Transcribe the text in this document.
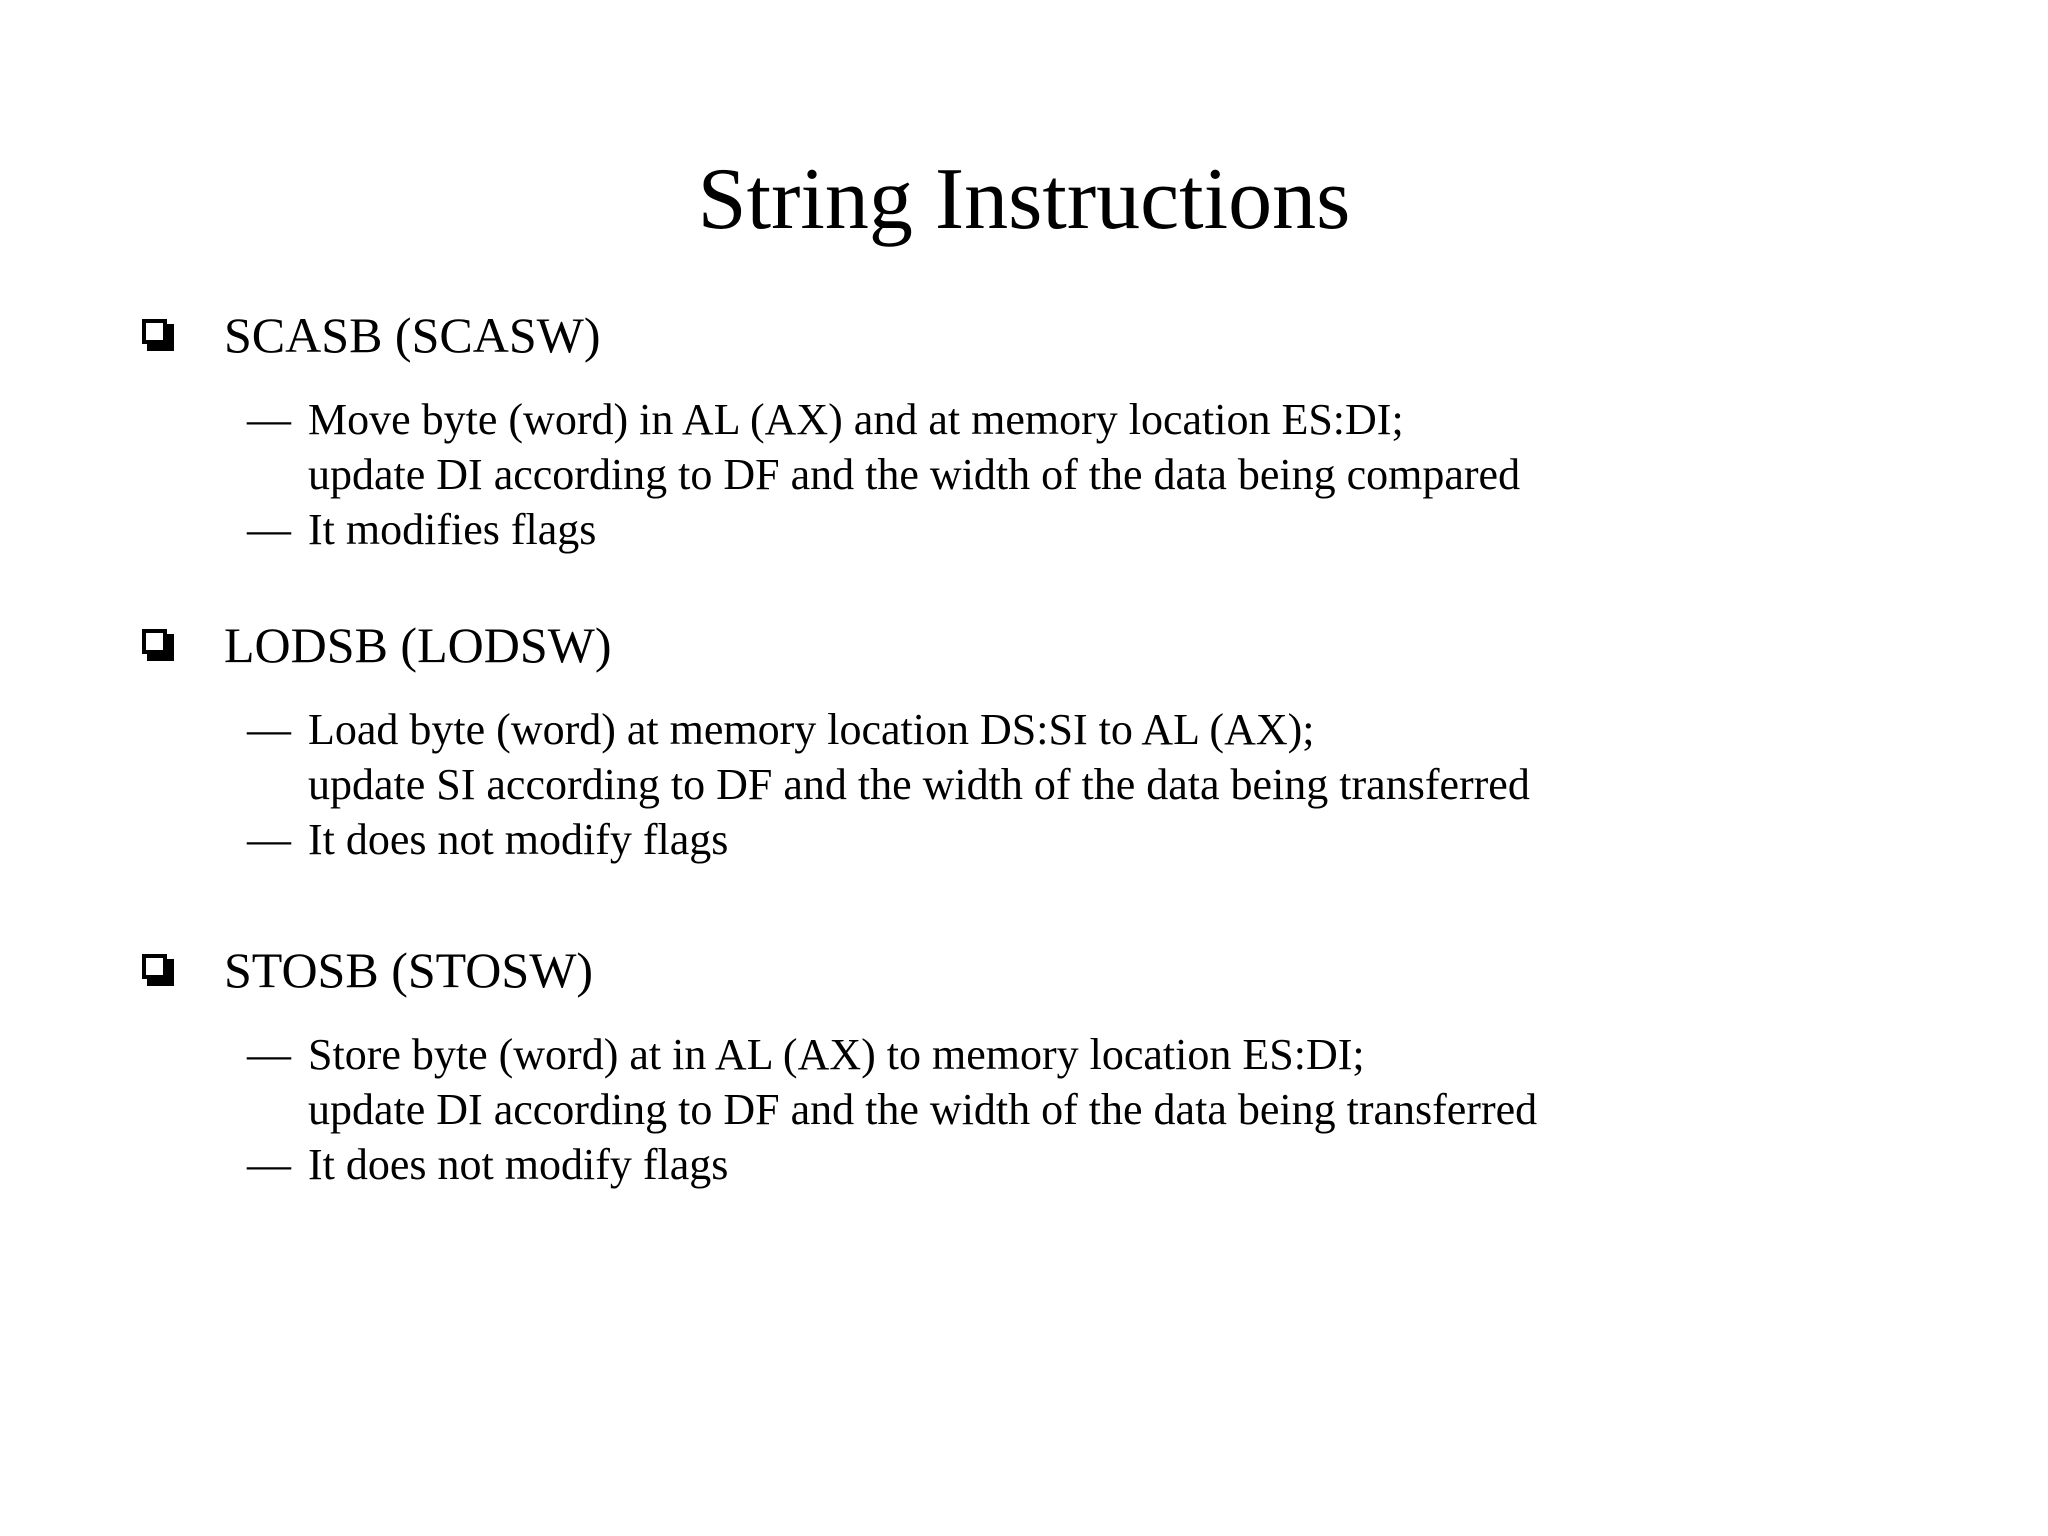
String Instructions
SCASB (SCASW)
— Move byte (word) in AL (AX) and at memory location ES:DI;
update DI according to DF and the width of the data being compared
— It modifies flags
LODSB (LODSW)
— Load byte (word) at memory location DS:SI to AL (AX);
update SI according to DF and the width of the data being transferred
— It does not modify flags
STOSB (STOSW)
— Store byte (word) at in AL (AX) to memory location ES:DI;
update DI according to DF and the width of the data being transferred
— It does not modify flags
